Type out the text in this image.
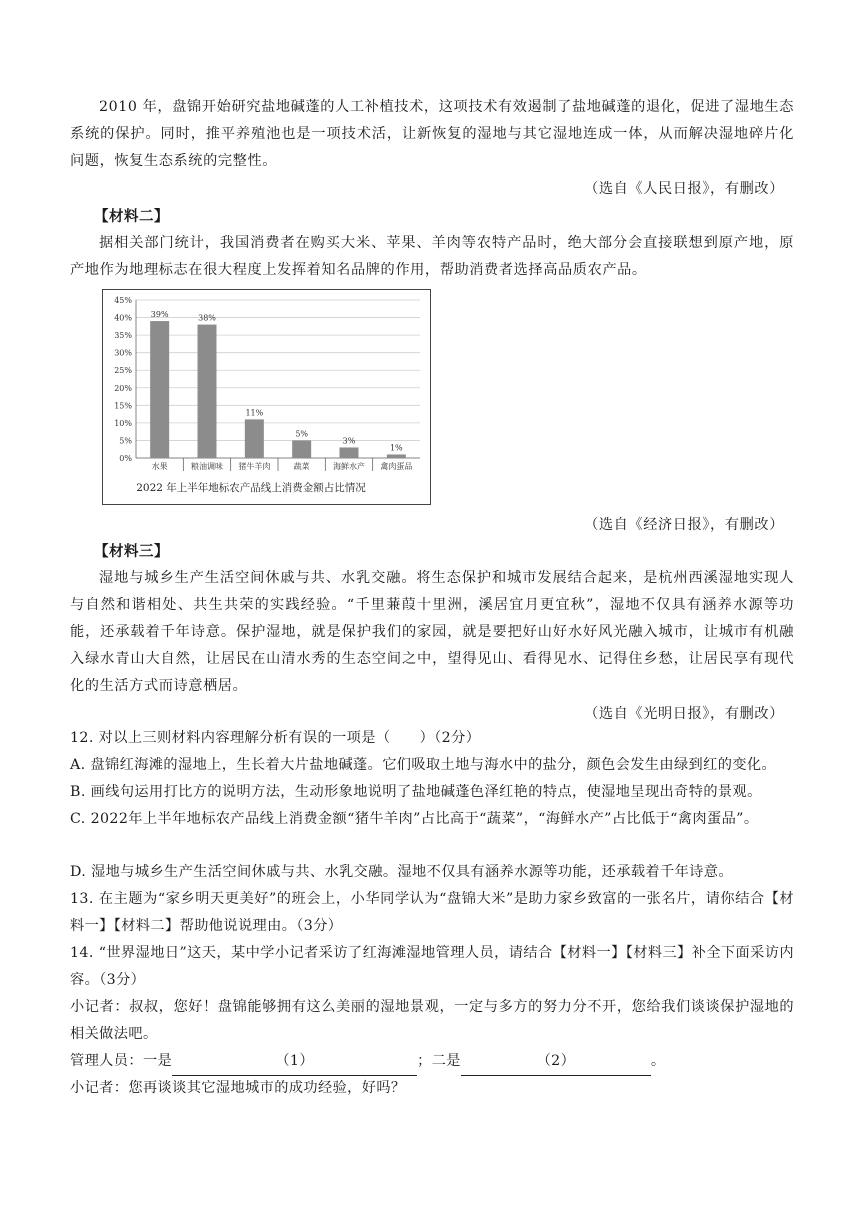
2010 年，盘锦开始研究盐地碱蓬的人工补植技术，这项技术有效遏制了盐地碱蓬的退化，促进了湿地生态系统的保护。同时，推平养殖池也是一项技术活，让新恢复的湿地与其它湿地连成一体，从而解决湿地碎片化问题，恢复生态系统的完整性。

（选自《人民日报》，有删改）

【材料二】

据相关部门统计，我国消费者在购买大米、苹果、羊肉等农特产品时，绝大部分会直接联想到原产地，原产地作为地理标志在很大程度上发挥着知名品牌的作用，帮助消费者选择高品质农产品。

0%
5%
10%
15%
20%
25%
30%
35%
40%
45%
39%
水果
38%
粮油调味
11%
猪牛羊肉
5%
蔬菜
3%
海鲜水产
1%
禽肉蛋品
2022 年上半年地标农产品线上消费金额占比情况

（选自《经济日报》，有删改）

【材料三】

湿地与城乡生产生活空间休戚与共、水乳交融。将生态保护和城市发展结合起来，是杭州西溪湿地实现人与自然和谐相处、共生共荣的实践经验。“千里蒹葭十里洲，溪居宜月更宜秋”，湿地不仅具有涵养水源等功能，还承载着千年诗意。保护湿地，就是保护我们的家园，就是要把好山好水好风光融入城市，让城市有机融入绿水青山大自然，让居民在山清水秀的生态空间之中，望得见山、看得见水、记得住乡愁，让居民享有现代化的生活方式而诗意栖居。

（选自《光明日报》，有删改）

12. 对以上三则材料内容理解分析有误的一项是（　　）（2分）

A. 盘锦红海滩的湿地上，生长着大片盐地碱蓬。它们吸取土地与海水中的盐分，颜色会发生由绿到红的变化。

B. 画线句运用打比方的说明方法，生动形象地说明了盐地碱蓬色泽红艳的特点，使湿地呈现出奇特的景观。

C. 2022年上半年地标农产品线上消费金额“猪牛羊肉”占比高于“蔬菜”，“海鲜水产”占比低于“禽肉蛋品”。

D. 湿地与城乡生产生活空间休戚与共、水乳交融。湿地不仅具有涵养水源等功能，还承载着千年诗意。

13. 在主题为“家乡明天更美好”的班会上，小华同学认为“盘锦大米”是助力家乡致富的一张名片，请你结合【材料一】【材料二】帮助他说说理由。（3分）

14. “世界湿地日”这天，某中学小记者采访了红海滩湿地管理人员，请结合【材料一】【材料三】补全下面采访内容。（3分）

小记者：叔叔，您好！盘锦能够拥有这么美丽的湿地景观，一定与多方的努力分不开，您给我们谈谈保护湿地的相关做法吧。

管理人员：一是	（1）	；二是	（2）	。

小记者：您再谈谈其它湿地城市的成功经验，好吗？
